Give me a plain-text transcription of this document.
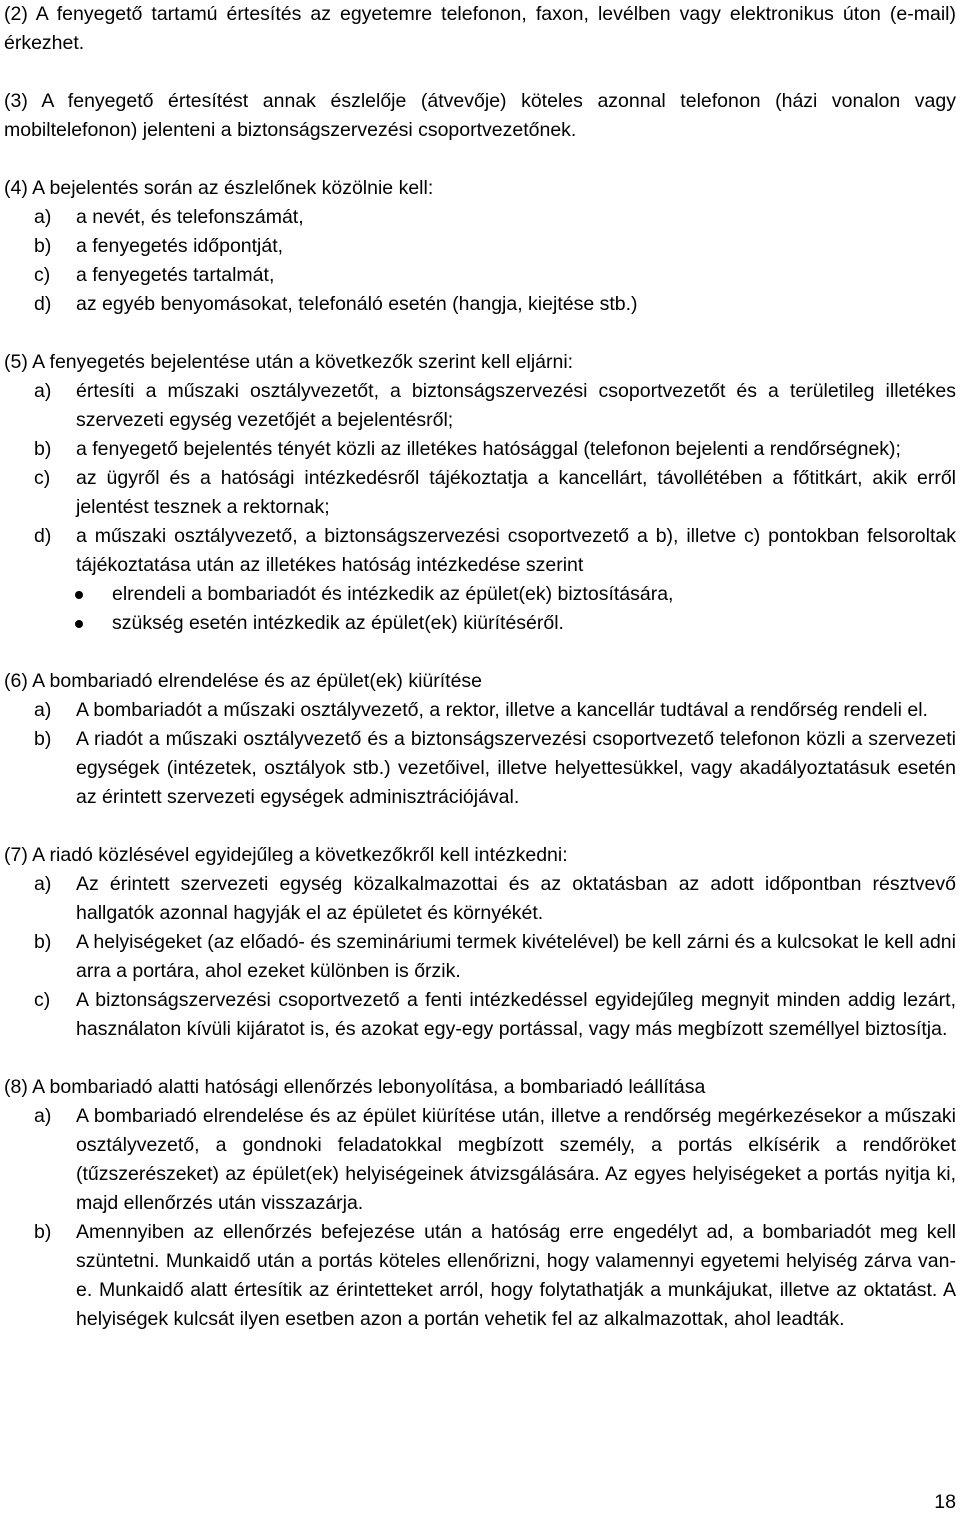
(2) A fenyegető tartamú értesítés az egyetemre telefonon, faxon, levélben vagy elektronikus úton (e-mail) érkezhet.

(3) A fenyegető értesítést annak észlelője (átvevője) köteles azonnal telefonon (házi vonalon vagy mobiltelefonon) jelenteni a biztonságszervezési csoportvezetőnek.

(4) A bejelentés során az észlelőnek közölnie kell:

a) a nevét, és telefonszámát,
b) a fenyegetés időpontját,
c) a fenyegetés tartalmát,
d) az egyéb benyomásokat, telefonáló esetén (hangja, kiejtése stb.)

(5) A fenyegetés bejelentése után a következők szerint kell eljárni:

a) értesíti a műszaki osztályvezetőt, a biztonságszervezési csoportvezetőt és a területileg illetékes szervezeti egység vezetőjét a bejelentésről;
b) a fenyegető bejelentés tényét közli az illetékes hatósággal (telefonon bejelenti a rendőrségnek);
c) az ügyről és a hatósági intézkedésről tájékoztatja a kancellárt, távollétében a főtitkárt, akik erről jelentést tesznek a rektornak;
d) a műszaki osztályvezető, a biztonságszervezési csoportvezető a b), illetve c) pontokban felsoroltak tájékoztatása után az illetékes hatóság intézkedése szerint
elrendeli a bombariadót és intézkedik az épület(ek) biztosítására,
szükség esetén intézkedik az épület(ek) kiürítéséről.

(6) A bombariadó elrendelése és az épület(ek) kiürítése

a) A bombariadót a műszaki osztályvezető, a rektor, illetve a kancellár tudtával a rendőrség rendeli el.
b) A riadót a műszaki osztályvezető és a biztonságszervezési csoportvezető telefonon közli a szervezeti egységek (intézetek, osztályok stb.) vezetőivel, illetve helyettesükkel, vagy akadályoztatásuk esetén az érintett szervezeti egységek adminisztrációjával.

(7) A riadó közlésével egyidejűleg a következőkről kell intézkedni:

a) Az érintett szervezeti egység közalkalmazottai és az oktatásban az adott időpontban résztvevő hallgatók azonnal hagyják el az épületet és környékét.
b) A helyiségeket (az előadó- és szemináriumi termek kivételével) be kell zárni és a kulcsokat le kell adni arra a portára, ahol ezeket különben is őrzik.
c) A biztonságszervezési csoportvezető a fenti intézkedéssel egyidejűleg megnyit minden addig lezárt, használaton kívüli kijáratot is, és azokat egy-egy portással, vagy más megbízott személlyel biztosítja.

(8) A bombariadó alatti hatósági ellenőrzés lebonyolítása, a bombariadó leállítása

a) A bombariadó elrendelése és az épület kiürítése után, illetve a rendőrség megérkezésekor a műszaki osztályvezető, a gondnoki feladatokkal megbízott személy, a portás elkísérik a rendőröket (tűzszerészeket) az épület(ek) helyiségeinek átvizsgálására. Az egyes helyiségeket a portás nyitja ki, majd ellenőrzés után visszazárja.
b) Amennyiben az ellenőrzés befejezése után a hatóság erre engedélyt ad, a bombariadót meg kell szüntetni. Munkaidő után a portás köteles ellenőrizni, hogy valamennyi egyetemi helyiség zárva van-e. Munkaidő alatt értesítik az érintetteket arról, hogy folytathatják a munkájukat, illetve az oktatást. A helyiségek kulcsát ilyen esetben azon a portán vehetik fel az alkalmazottak, ahol leadták.
18
